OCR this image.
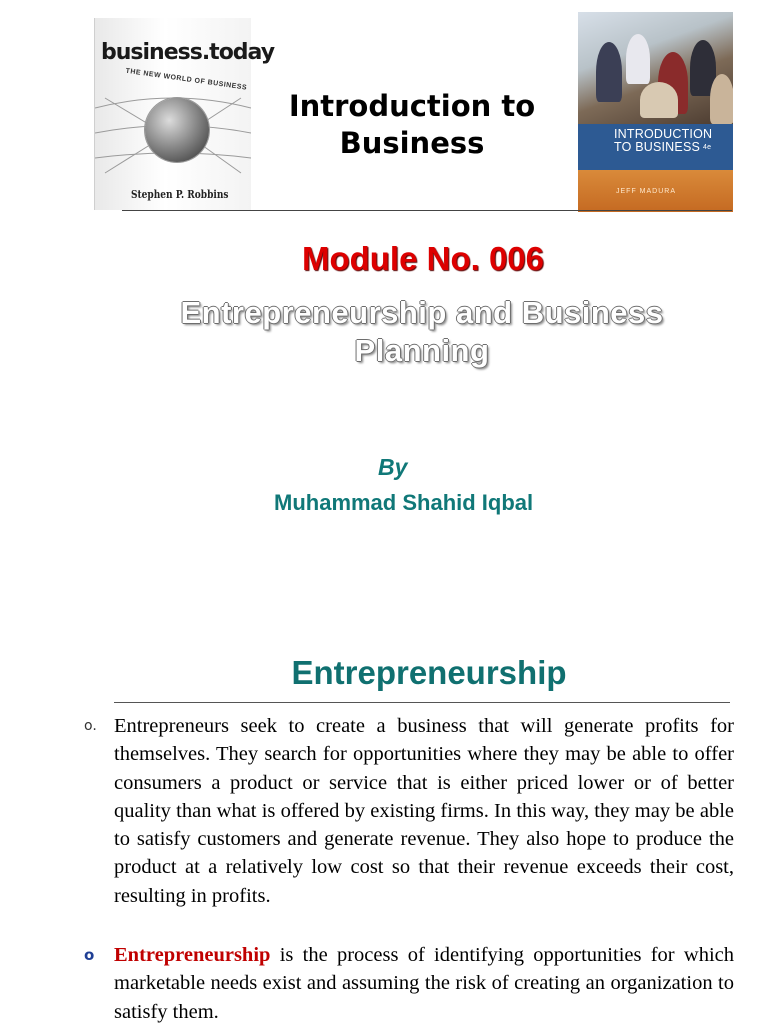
business.today
THE NEW WORLD OF BUSINESS
Stephen P. Robbins
Introduction to
Business	INTRODUCTION
TO BUSINESS $^{4e}$
JEFF MADURA
Module No. 006
Entrepreneurship and Business
Planning
By
Muhammad Shahid Iqbal
Entrepreneurship
o. Entrepreneurs seek to create a business that will generate profits for themselves. They search for opportunities where they may be able to offer consumers a product or service that is either priced lower or of better quality than what is offered by existing firms. In this way, they may be able to satisfy customers and generate revenue. They also hope to produce the product at a relatively low cost so that their revenue exceeds their cost, resulting in profits.
o Entrepreneurship is the process of identifying opportunities for which marketable needs exist and assuming the risk of creating an organization to satisfy them.
